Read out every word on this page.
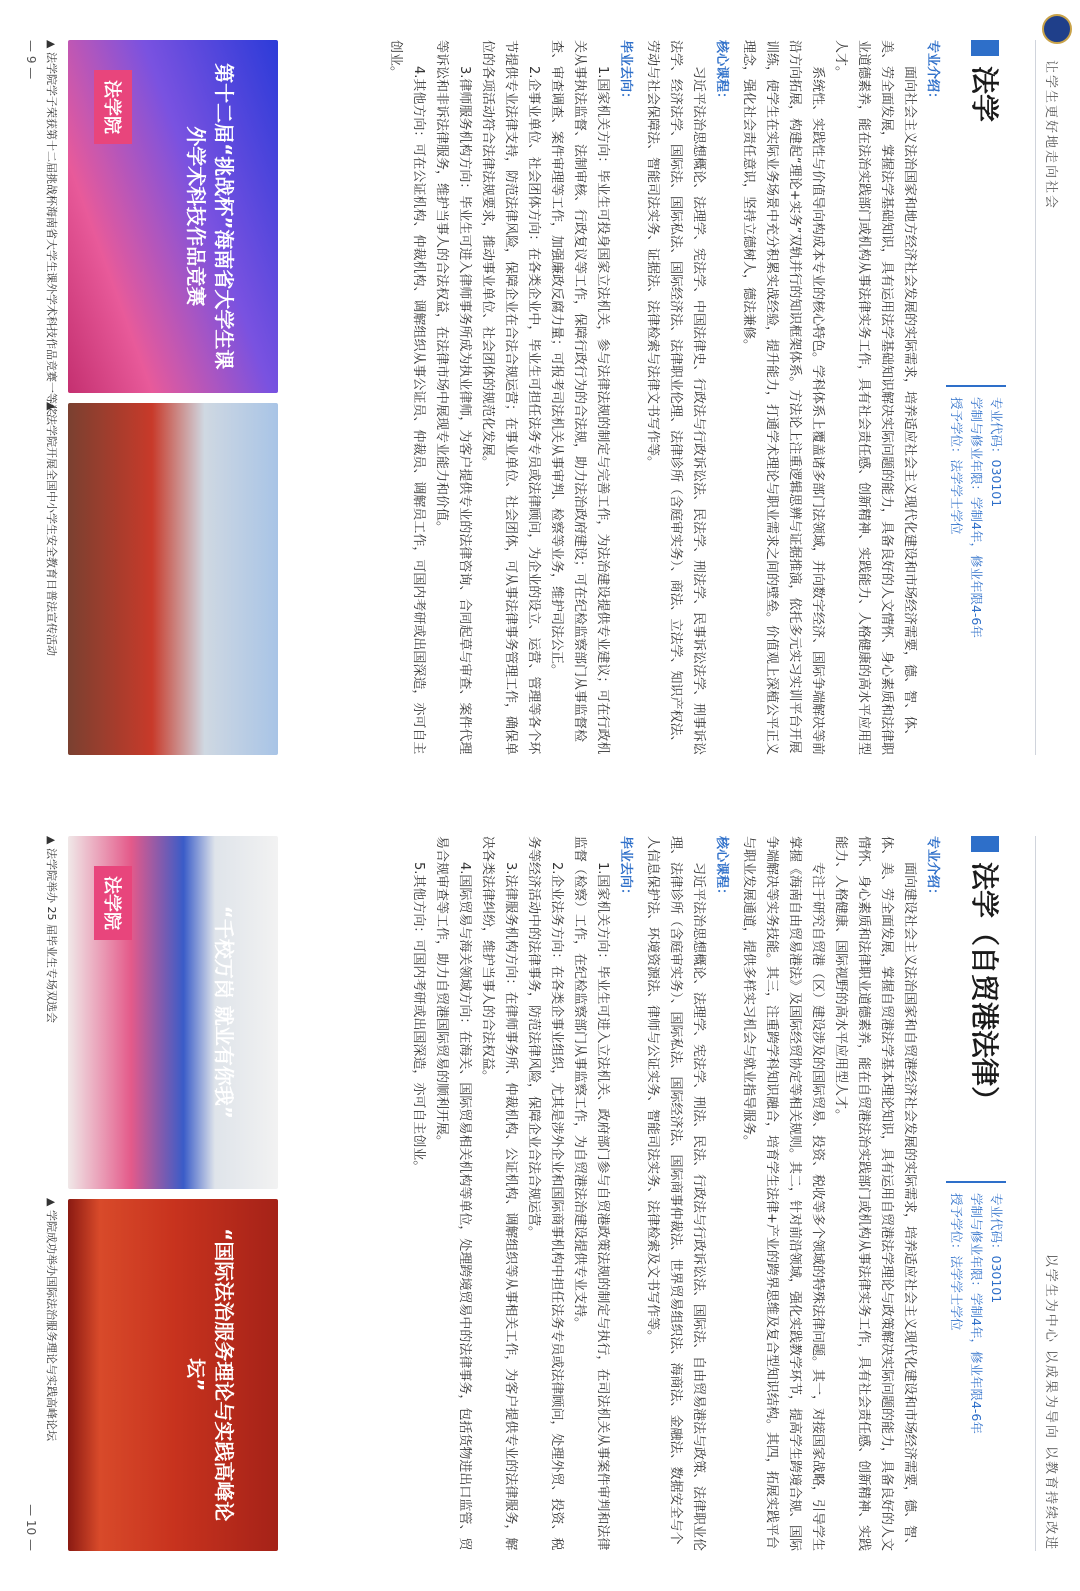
让学生更好地走向社会
法学
专业代码：030101
学制与修业年限：学制4年，修业年限4-6年
授予学位：法学学士学位

专业介绍：

面向社会主义法治国家和地方经济社会发展的实际需求，培养适应社会主义现代化建设和市场经济需要，德、智、体、美、劳全面发展，掌握法学基础知识，具有运用法学基础知识解决实际问题的能力，具备良好的人文情怀、身心素质和法律职业道德素养，能在法治实践部门或机构从事法律实务工作，具有社会责任感、创新精神、实践能力、人格健康的高水平应用型人才。

系统性、实践性与价值导向构成本专业的核心特色。学科体系上覆盖诸多部门法领域，并向数字经济、国际争端解决等前沿方向拓展，构建起“理论+实务”双轨并行的知识框架体系。方法论上注重逻辑思辨与证据推演，依托多元实习实训平台开展训练，使学生在实际业务场景中充分积累实战经验，提升能力，打通学术理论与职业需求之间的壁垒。价值观上深植公平正义理念，强化社会责任意识，坚持立德树人，德法兼修。

核心课程：

习近平法治思想概论、法理学、宪法学、中国法律史、行政法与行政诉讼法、民法学、刑法学、民事诉讼法学、刑事诉讼法学、经济法学、国际法、国际私法、国际经济法、法律职业伦理、法律诊所（含庭审实务）、商法、立法学、知识产权法、劳动与社会保障法、智能司法实务、证据法、法律检索与法律文书写作等。

毕业去向：

1.国家机关方向：毕业生可投身国家立法机关，参与法律法规的制定与完善工作，为法治建设提供专业建议；可在行政机关从事执法监督、法制审核、行政复议等工作，保障行政行为的合法规，助力法治政府建设；可在纪检监察部门从事监督检查、审查调查、案件审理等工作，加强廉政反腐力量；可报考司法机关从事审判、检察等业务，维护司法公正。

2.企事业单位、社会团体方向：在各类企业中，毕业生可担任法务专员或法律顾问，为企业的设立、运营、管理等各个环节提供专业法律支持，防范法律风险，保障企业在合法合规运营；在事业单位、社会团体，可从事法律事务管理工作，确保单位的各项活动符合法律法规要求，推动事业单位、社会团体的规范化发展。

3.律师服务机构方向：毕业生可进入律师事务所成为执业律师，为客户提供专业的法律咨询、合同起草与审查、案件代理等诉讼和非诉法律服务，维护当事人的合法权益，在法律市场中展现专业能力和价值。

4.其他方向：可在公证机构、仲裁机构、调解组织从事公证员、仲裁员、调解员工作，可国内考研或出国深造，亦可自主创业。

第十二届“挑战杯”海南省大学生课外学术科技作品竞赛
法学院
▲ 法学院学子荣获第十二届挑战杯海南省大学生课外学术科技作品竞赛一等奖
▲ 法学院开展全国中小学生安全教育日普法宣传活动
— 9 —
以学生为中心 以成果为导向 以教育持续改进
法学（自贸港法律）
专业代码：030101
学制与修业年限：学制4年，修业年限4-6年
授予学位：法学学士学位

专业介绍：

面向建设社会主义法治国家和自贸港经济社会发展的实际需求，培养适应社会主义现代化建设和市场经济需要，德、智、体、美、劳全面发展，掌握自贸港法学基本理论知识，具有运用自贸港法学理论与政策解决实际问题的能力，具备良好的人文情怀、身心素质和法律职业道德素养，能在自贸港法治实践部门或机构从事法律实务工作，具有社会责任感、创新精神、实践能力、人格健康、国际视野的高水平应用型人才。

专注于研究自贸港（区）建设涉及的国际贸易、投资、税收等多个领域的特殊法律问题。其一，对接国家战略，引导学生掌握《海南自由贸易港法》及国际经贸协定等相关规则。其二，针对前沿领域，强化实践教学环节，提高学生跨境合规、国际争端解决等实务技能。其三，注重跨学科知识融合，培育学生法律+产业的跨界思维及复合型知识结构。其四，拓展实践平台与职业发展通道，提供多样实习机会与就业指导服务。

核心课程：

习近平法治思想概论、法理学、宪法学、刑法、民法、行政法与行政诉讼法、国际法、自由贸易港法与政策、法律职业伦理、法律诊所（含庭审实务）、国际私法、国际经济法、国际商事仲裁法、世界贸易组织法、海商法、金融法、数据安全与个人信息保护法、环境资源法、律师与公证实务、智能司法实务、法律检索及文书写作等。

毕业去向：

1.国家机关方向：毕业生可进入立法机关、政府部门参与自贸港政策法规的制定与执行，在司法机关从事案件审判和法律监督（检察）工作，在纪检监察部门从事监察工作，为自贸港法治建设提供专业支持。

2.企业法务方向：在各类企事业组织，尤其是涉外企业和国际商事机构中担任法务专员或法律顾问，处理外贸、投资、税务等经济活动中的法律事务，防范法律风险，保障企业合法合规运营。

3.法律服务机构方向：在律师事务所、仲裁机构、公证机构、调解组织等从事相关工作，为客户提供专业的法律服务，解决各类法律纠纷，维护当事人的合法权益。

4.国际贸易与海关领域方向：在海关、国际贸易相关机构等单位，处理跨境贸易中的法律事务，包括货物进出口监管、贸易合规审查等工作，助力自贸港国际贸易的顺利开展。

5.其他方向：可国内考研或出国深造，亦可自主创业。

“千校万岗 就业有你我”
法学院
“国际法治服务理论与实践高峰论坛”
▲ 法学院举办 25 届毕业生专场双选会
▲ 学院成功举办国际法治服务理论与实践高峰论坛
— 10 —
